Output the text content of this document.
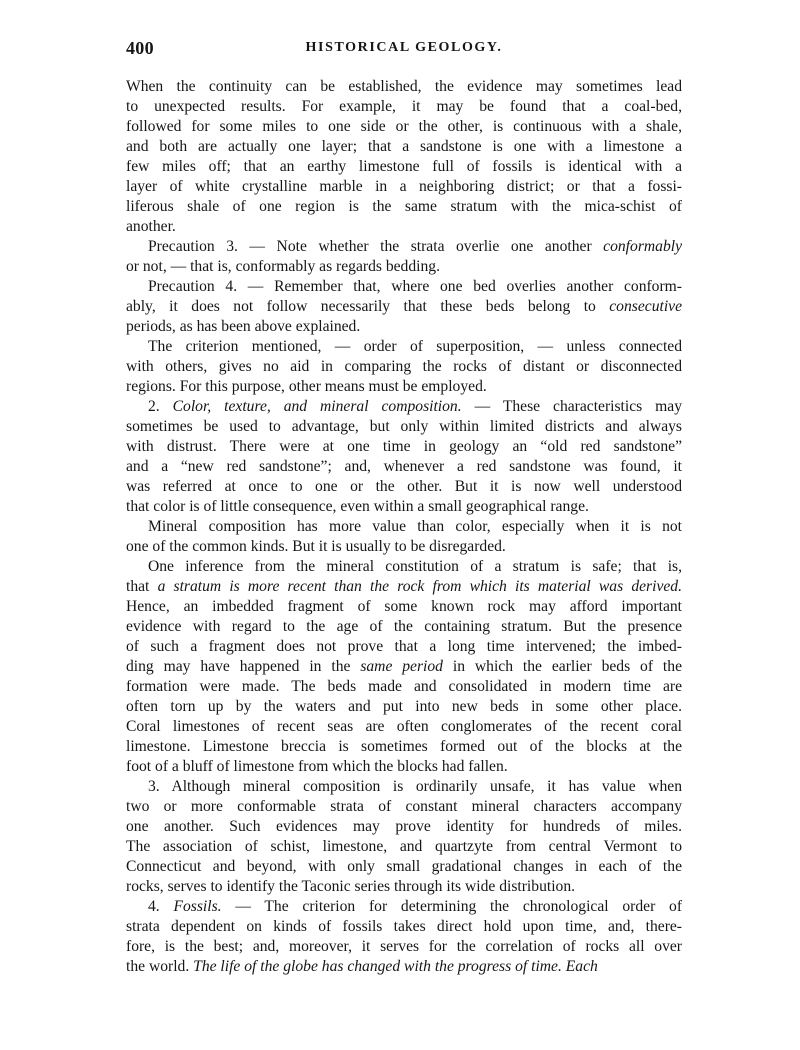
400	HISTORICAL GEOLOGY.

When the continuity can be established, the evidence may sometimes lead
to unexpected results. For example, it may be found that a coal-bed,
followed for some miles to one side or the other, is continuous with a shale,
and both are actually one layer; that a sandstone is one with a limestone a
few miles off; that an earthy limestone full of fossils is identical with a
layer of white crystalline marble in a neighboring district; or that a fossi-
liferous shale of one region is the same stratum with the mica-schist of
another.

Precaution 3. — Note whether the strata overlie one another conformably
or not, — that is, conformably as regards bedding.

Precaution 4. — Remember that, where one bed overlies another conform-
ably, it does not follow necessarily that these beds belong to consecutive
periods, as has been above explained.

The criterion mentioned, — order of superposition, — unless connected
with others, gives no aid in comparing the rocks of distant or disconnected
regions. For this purpose, other means must be employed.

2. Color, texture, and mineral composition. — These characteristics may
sometimes be used to advantage, but only within limited districts and always
with distrust. There were at one time in geology an “old red sandstone”
and a “new red sandstone”; and, whenever a red sandstone was found, it
was referred at once to one or the other. But it is now well understood
that color is of little consequence, even within a small geographical range.

Mineral composition has more value than color, especially when it is not
one of the common kinds. But it is usually to be disregarded.

One inference from the mineral constitution of a stratum is safe; that is,
that a stratum is more recent than the rock from which its material was derived.
Hence, an imbedded fragment of some known rock may afford important
evidence with regard to the age of the containing stratum. But the presence
of such a fragment does not prove that a long time intervened; the imbed-
ding may have happened in the same period in which the earlier beds of the
formation were made. The beds made and consolidated in modern time are
often torn up by the waters and put into new beds in some other place.
Coral limestones of recent seas are often conglomerates of the recent coral
limestone. Limestone breccia is sometimes formed out of the blocks at the
foot of a bluff of limestone from which the blocks had fallen.

3. Although mineral composition is ordinarily unsafe, it has value when
two or more conformable strata of constant mineral characters accompany
one another. Such evidences may prove identity for hundreds of miles.
The association of schist, limestone, and quartzyte from central Vermont to
Connecticut and beyond, with only small gradational changes in each of the
rocks, serves to identify the Taconic series through its wide distribution.

4. Fossils. — The criterion for determining the chronological order of
strata dependent on kinds of fossils takes direct hold upon time, and, there-
fore, is the best; and, moreover, it serves for the correlation of rocks all over
the world. The life of the globe has changed with the progress of time. Each
